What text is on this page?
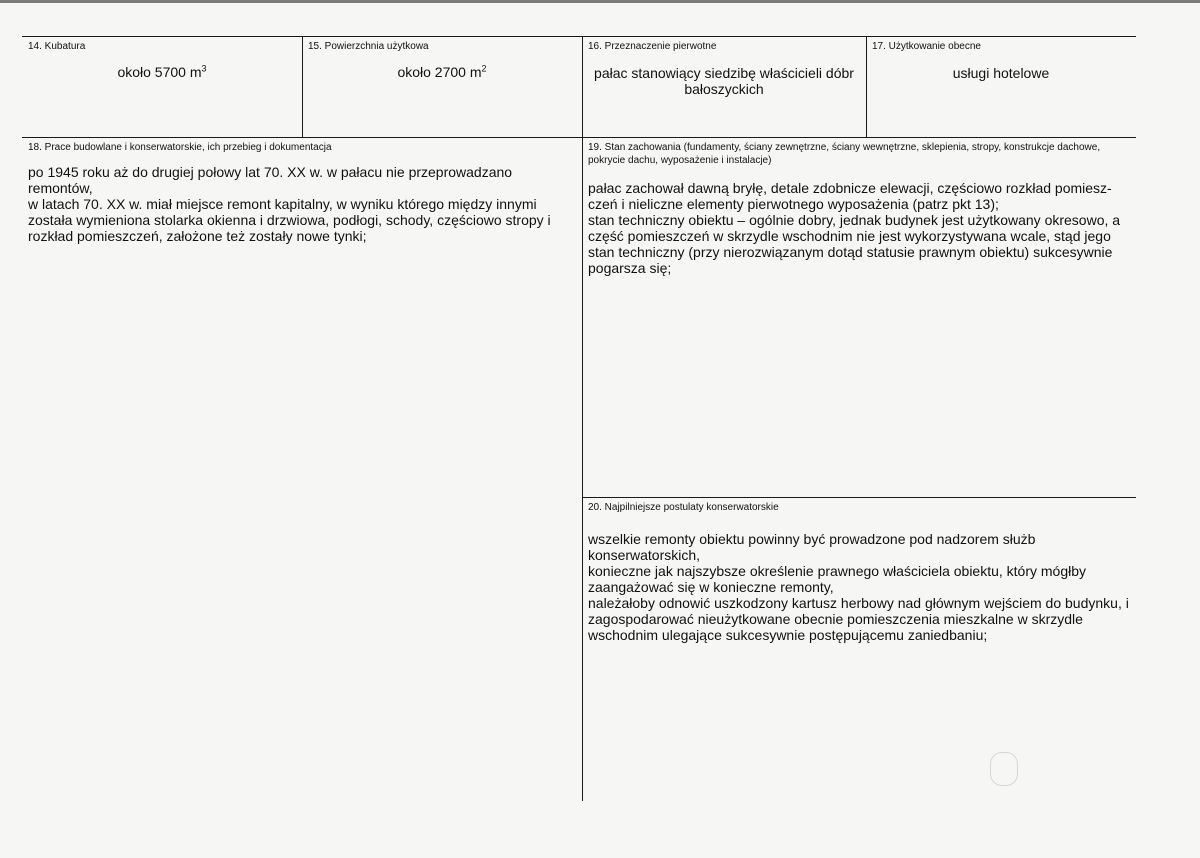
14. Kubatura
około 5700 $m^3$
15. Powierzchnia użytkowa
około 2700 $m^2$
16. Przeznaczenie pierwotne
pałac stanowiący siedzibę właścicieli dóbr bałoszyckich
17. Użytkowanie obecne
usługi hotelowe
18. Prace budowlane i konserwatorskie, ich przebieg i dokumentacja
po 1945 roku aż do drugiej połowy lat 70. XX w. w pałacu nie przeprowadzano remontów,
w latach 70. XX w. miał miejsce remont kapitalny, w wyniku którego między innymi została wymieniona stolarka okienna i drzwiowa, podłogi, schody, częściowo stropy i rozkład pomieszczeń, założone też zostały nowe tynki;
19. Stan zachowania (fundamenty, ściany zewnętrzne, ściany wewnętrzne, sklepienia, stropy, konstrukcje dachowe, pokrycie dachu, wyposażenie i instalacje)
pałac zachował dawną bryłę, detale zdobnicze elewacji, częściowo rozkład pomiesz-
czeń i nieliczne elementy pierwotnego wyposażenia (patrz pkt 13);
stan techniczny obiektu – ogólnie dobry, jednak budynek jest użytkowany okresowo, a część pomieszczeń w skrzydle wschodnim nie jest wykorzystywana wcale, stąd jego stan techniczny (przy nierozwiązanym dotąd statusie prawnym obiektu) sukcesywnie pogarsza się;
20. Najpilniejsze postulaty konserwatorskie
wszelkie remonty obiektu powinny być prowadzone pod nadzorem służb konserwatorskich,
konieczne jak najszybsze określenie prawnego właściciela obiektu, który mógłby zaangażować się w konieczne remonty,
należałoby odnowić uszkodzony kartusz herbowy nad głównym wejściem do budynku, i zagospodarować nieużytkowane obecnie pomieszczenia mieszkalne w skrzydle wschodnim ulegające sukcesywnie postępującemu zaniedbaniu;
